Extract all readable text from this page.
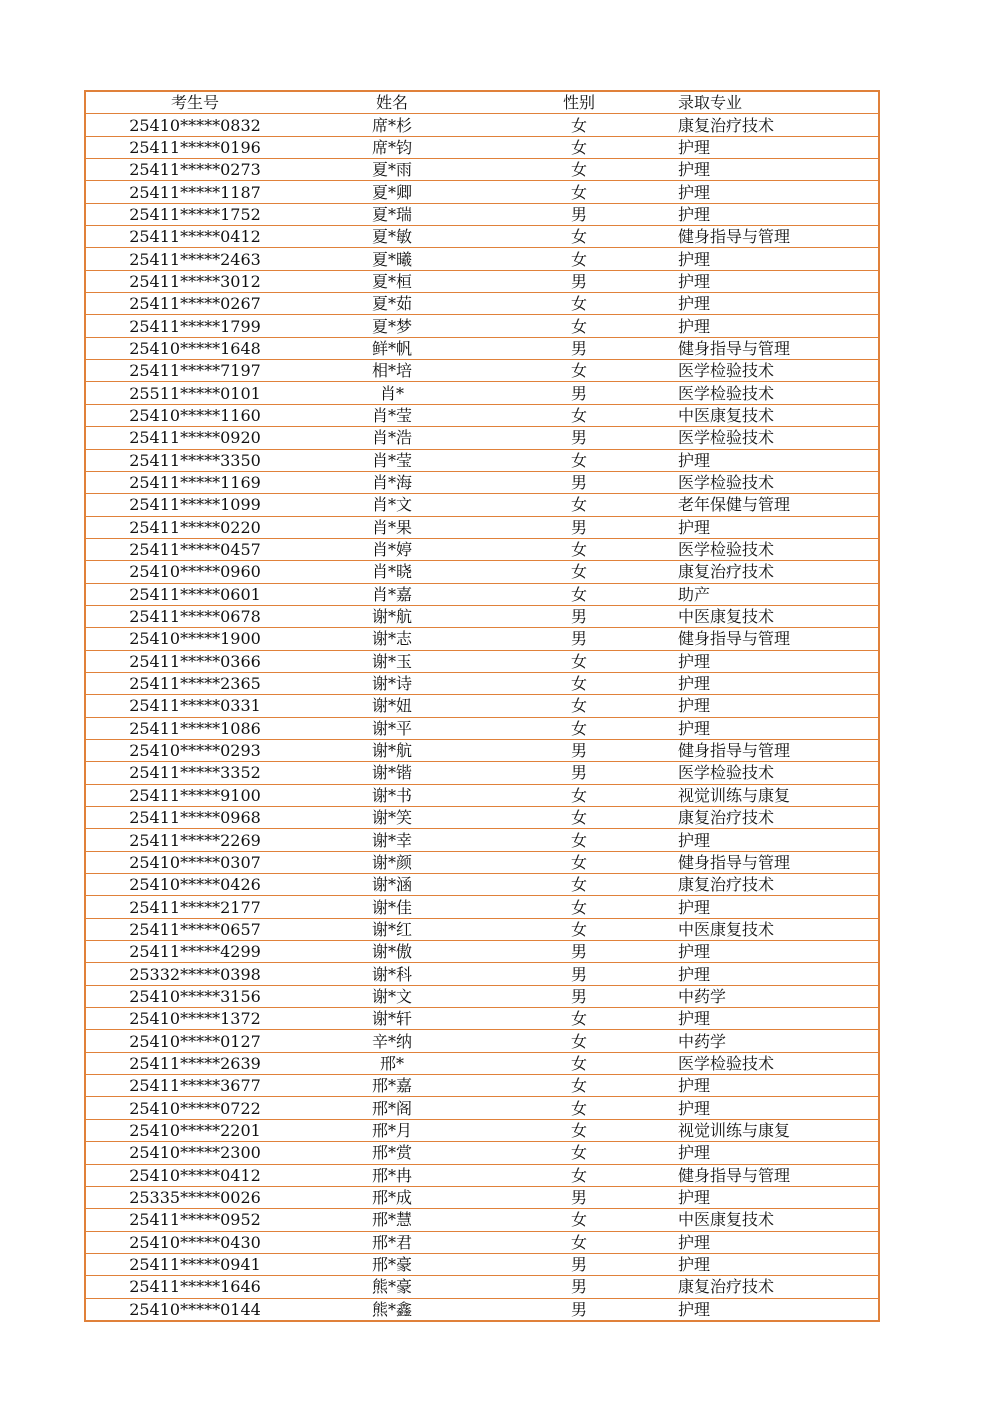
考生号	姓名	性别	录取专业
25410*****0832	席*杉	女	康复治疗技术
25411*****0196	席*钧	女	护理
25411*****0273	夏*雨	女	护理
25411*****1187	夏*卿	女	护理
25411*****1752	夏*瑞	男	护理
25411*****0412	夏*敏	女	健身指导与管理
25411*****2463	夏*曦	女	护理
25411*****3012	夏*桓	男	护理
25411*****0267	夏*茹	女	护理
25411*****1799	夏*梦	女	护理
25410*****1648	鲜*帆	男	健身指导与管理
25411*****7197	相*培	女	医学检验技术
25511*****0101	肖*	男	医学检验技术
25410*****1160	肖*莹	女	中医康复技术
25411*****0920	肖*浩	男	医学检验技术
25411*****3350	肖*莹	女	护理
25411*****1169	肖*海	男	医学检验技术
25411*****1099	肖*文	女	老年保健与管理
25411*****0220	肖*果	男	护理
25411*****0457	肖*婷	女	医学检验技术
25410*****0960	肖*晓	女	康复治疗技术
25411*****0601	肖*嘉	女	助产
25411*****0678	谢*航	男	中医康复技术
25410*****1900	谢*志	男	健身指导与管理
25411*****0366	谢*玉	女	护理
25411*****2365	谢*诗	女	护理
25411*****0331	谢*妞	女	护理
25411*****1086	谢*平	女	护理
25410*****0293	谢*航	男	健身指导与管理
25411*****3352	谢*锴	男	医学检验技术
25411*****9100	谢*书	女	视觉训练与康复
25411*****0968	谢*笑	女	康复治疗技术
25411*****2269	谢*幸	女	护理
25410*****0307	谢*颜	女	健身指导与管理
25410*****0426	谢*涵	女	康复治疗技术
25411*****2177	谢*佳	女	护理
25411*****0657	谢*红	女	中医康复技术
25411*****4299	谢*傲	男	护理
25332*****0398	谢*科	男	护理
25410*****3156	谢*文	男	中药学
25410*****1372	谢*轩	女	护理
25410*****0127	辛*纳	女	中药学
25411*****2639	邢*	女	医学检验技术
25411*****3677	邢*嘉	女	护理
25410*****0722	邢*阁	女	护理
25410*****2201	邢*月	女	视觉训练与康复
25410*****2300	邢*赏	女	护理
25410*****0412	邢*冉	女	健身指导与管理
25335*****0026	邢*成	男	护理
25411*****0952	邢*慧	女	中医康复技术
25410*****0430	邢*君	女	护理
25411*****0941	邢*豪	男	护理
25411*****1646	熊*豪	男	康复治疗技术
25410*****0144	熊*鑫	男	护理
